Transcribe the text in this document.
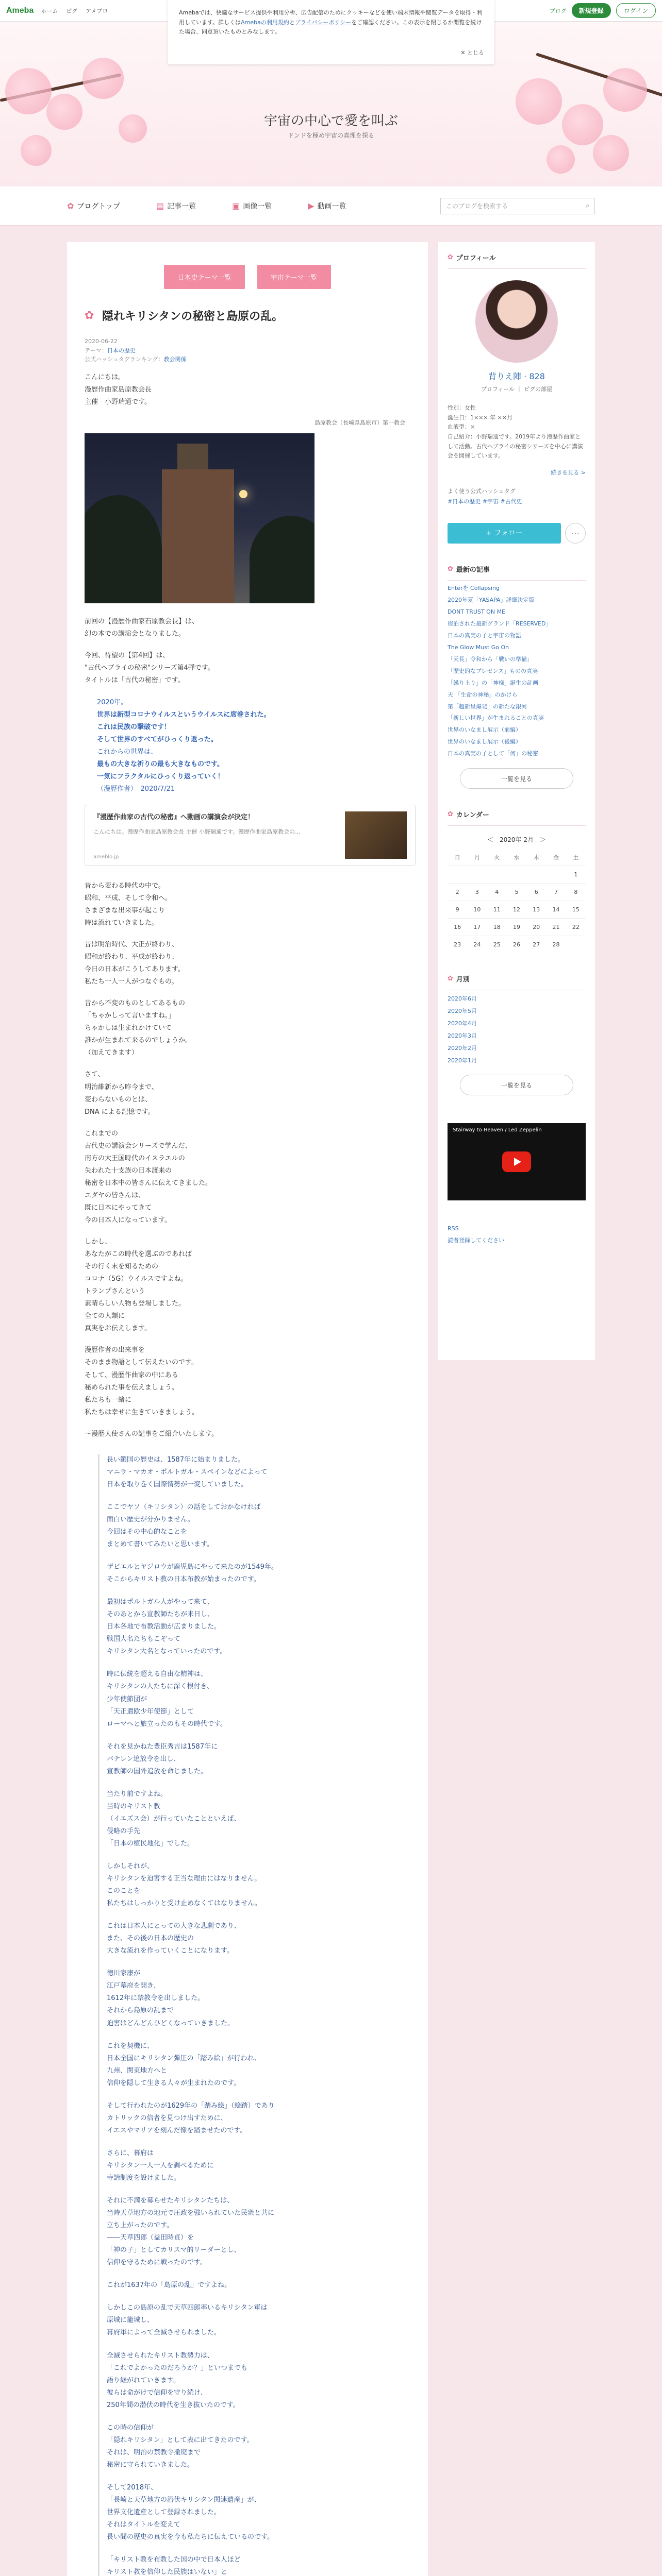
Ameba ホーム ピグ アメブロ	ブログ	新規登録	ログイン
Amebaでは、快適なサービス提供や利用分析、広告配信のためにクッキーなどを使い端末情報や閲覧データを取得・利用しています。詳しくはAmebaの利用規約とプライバシーポリシーをご確認ください。この表示を閉じるか閲覧を続けた場合、同意頂いたものとみなします。
✕ とじる
宇宙の中心で愛を叫ぶ
ドンドを極め宇宙の真理を探る
✿ ブログトップ	▤ 記事一覧	▣ 画像一覧	▶ 動画一覧	このブログを検索する	⌕
日本史テーマ一覧	宇宙テーマ一覧
✿ 隠れキリシタンの秘密と島原の乱。
2020-06-22
テーマ：日本の歴史
公式ハッシュタグランキング：教会関係

こんにちは。
漫歴作曲家島原教会長
主催　小野瑞通です。

島原教会（長崎県島原市）第一教会

前回の【漫歴作曲家石原教会長】は、
幻の本での講演会となりました。

今回、待望の【第4回】は、
"古代ヘブライの秘密"シリーズ第4弾です。
タイトルは「古代の秘密」です。

2020年。
世界は新型コロナウイルスというウイルスに席巻された。
これは民族の撃破です！
そして世界のすべてがひっくり返った。
これからの世界は、
最もの大きな祈りの最も大きなものです。
一気にフラクタルにひっくり返っていく！
（漫歴作者）　 2020/7/21

『漫歴作曲家の古代の秘密』へ動画の講演会が決定！
こんにちは。漫歴作曲家島原教会長 主催 小野瑞通です。漫歴作曲家島原教会の...
ameblo.jp

昔から変わる時代の中で。
昭和、平成、そして令和へ。
さまざまな出来事が起こり
時は流れていきました。

昔は明治時代、大正が終わり、
昭和が終わり、平成が終わり、
今日の日本がこうしてあります。
私たち一人一人がつなぐもの。

昔から不変のものとしてあるもの
「ちゃかしって言いますね。」
ちゃかしは生まれかけていて
誰かが生まれて来るのでしょうか。
（加えてきます）

さて、
明治維新から昨今まで、
変わらないものとは、
DNA による記憶です。

これまでの
古代史の講演会シリーズで学んだ、
南方の大王国時代のイスラエルの
失われた十支族の日本渡来の
秘密を日本中の皆さんに伝えてきました。
ユダヤの皆さんは、
既に日本にやってきて
今の日本人になっています。

しかし、
あなたがこの時代を選ぶのであれば
その行く末を知るための
コロナ（5G）ウイルスですよね。
トランプさんという
素晴らしい人物も登場しました。
全ての人類に
真実をお伝えします。

漫歴作者の出来事を
そのまま物語として伝えたいのです。
そして、漫歴作曲家の中にある
秘められた事を伝えましょう。
私たちも一緒に
私たちは幸せに生きていきましょう。

〜漫歴大使さんの記事をご紹介いたします。

長い鎖国の歴史は、1587年に始まりました。
マニラ・マカオ・ポルトガル・スペインなどによって
日本を取り巻く国際情勢が一変していました。

ここでヤソ（キリシタン）の話をしておかなければ
面白い歴史が分かりません。
今回はその中心的なことを
まとめて書いてみたいと思います。

ザビエルとヤジロウが鹿児島にやって来たのが1549年。
そこからキリスト教の日本布教が始まったのです。

最初はポルトガル人がやって来て、
そのあとから宣教師たちが来日し、
日本各地で布教活動が広まりました。
戦国大名たちもこぞって
キリシタン大名となっていったのです。

時に伝統を超える自由な精神は、
キリシタンの人たちに深く根付き、
少年使節団が
「天正遣欧少年使節」として
ローマへと旅立ったのもその時代です。

それを見かねた豊臣秀吉は1587年に
バテレン追放令を出し、
宣教師の国外追放を命じました。

当たり前ですよね。
当時のキリスト教
（イエズス会）が行っていたことといえば、
侵略の手先
「日本の植民地化」でした。

しかしそれが、
キリシタンを迫害する正当な理由にはなりません。
このことを
私たちはしっかりと受け止めなくてはなりません。

これは日本人にとっての大きな悲劇であり、
また、その後の日本の歴史の
大きな流れを作っていくことになります。

徳川家康が
江戸幕府を開き、
1612年に禁教令を出しました。
それから島原の乱まで
迫害はどんどんひどくなっていきました。

これを契機に、
日本全国にキリシタン弾圧の「踏み絵」が行われ、
九州、関東地方へと
信仰を隠して生きる人々が生まれたのです。

そして行われたのが1629年の「踏み絵」（絵踏）であり
カトリックの信者を見つけ出すために、
イエスやマリアを刻んだ像を踏ませたのです。

さらに、幕府は
キリシタン一人一人を調べるために
寺請制度を設けました。

それに不満を募らせたキリシタンたちは、
当時天草地方の地元で圧政を強いられていた民衆と共に
立ち上がったのです。
――天草四郎（益田時貞）を
「神の子」としてカリスマ的リーダーとし、
信仰を守るために戦ったのです。

これが1637年の「島原の乱」ですよね。

しかしこの島原の乱で天草四郎率いるキリシタン軍は
原城に籠城し、
幕府軍によって全滅させられました。

全滅させられたキリスト教勢力は、
「これでよかったのだろうか？」といつまでも
語り継がれていきます。
彼らは命がけで信仰を守り続け、
250年間の潜伏の時代を生き抜いたのです。

この時の信仰が
「隠れキリシタン」として表に出てきたのです。
それは、明治の禁教令撤廃まで
秘密に守られていきました。

そして2018年、
「長崎と天草地方の潜伏キリシタン関連遺産」が、
世界文化遺産として登録されました。
それはタイトルを変えて
長い間の歴史の真実を今も私たちに伝えているのです。

「キリスト教を布教した国の中で日本人ほど
キリスト教を信仰した民族はいない」と

✿ プロフィール
背りえ陣 · 828
プロフィール ｜ ピグの部屋
性別：女性
誕生日：1××× 年 ××月
血液型：×
自己紹介：小野瑞通です。2019年より漫歴作曲家として活動。古代ヘブライの秘密シリーズを中心に講演会を開催しています。
続きを見る >
よく使う公式ハッシュタグ
#日本の歴史 #宇宙 #古代史
+ フォロー	⋯
✿ 最新の記事
Enterを Collapsing
2020年夏「YASAPA」詳細決定版
DONT TRUST ON ME
宿泊された最新グランド「RESERVED」
日本の真実の子と宇宙の物語
The Glow Must Go On
「天長」令和から「戦いの準備」
「歴史的なプレゼンス」ものの真実
「繰り上り」の「神様」誕生の計画
天 「生命の神秘」のかけら
第「超新星爆発」の新たな銀河
「新しい世界」が生まれることの真実
世界のいなまし展示（前編）
世界のいなまし展示（後編）
日本の真実の子として「何」の秘密
一覧を見る
✿ カレンダー
＜　2020年 2月　＞
日	月	火	水	木	金	土
						1
2	3	4	5	6	7	8
9	10	11	12	13	14	15
16	17	18	19	20	21	22
23	24	25	26	27	28	
✿ 月別
2020年6月
2020年5月
2020年4月
2020年3月
2020年2月
2020年1月
一覧を見る
Stairway to Heaven / Led Zeppelin
RSS
読者登録してください
